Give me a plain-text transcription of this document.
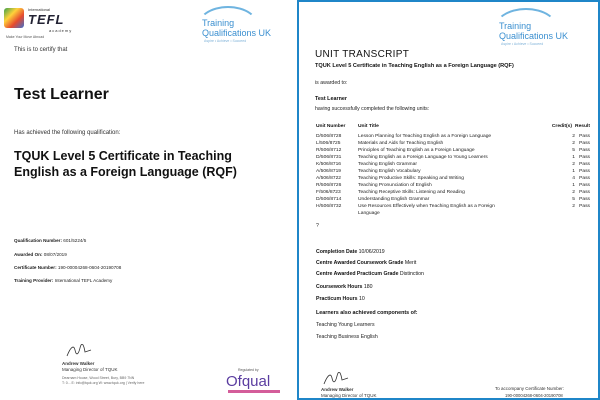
International
TEFL
academy
Make Your Move Abroad
Training
Qualifications UK
Aspire • Achieve • Succeed
This is to certify that
Test Learner
Has achieved the following qualification:
TQUK Level 5 Certificate in Teaching
English as a Foreign Language (RQF)
Qualification Number: 601/5224/5
Awarded On: 08/07/2019
Certificate Number: 190-00004268-0604-20190708
Training Provider: International TEFL Academy
Andrew Walker
Managing Director of TQUK
Dearnam House, Wood Street, Bury, BB9 7NN
T: 0... E: info@tquk.org W: www.tquk.org | Verify here
Regulated by
Ofqual
Training
Qualifications UK
Aspire • Achieve • Succeed
UNIT TRANSCRIPT
TQUK Level 5 Certificate in Teaching English as a Foreign Language (RQF)
is awarded to:
Test Learner
having successfully completed the following units:
Unit Number	Unit Title	Credit(s) Result
D/506/8728	Lesson Planning for Teaching English as a Foreign Language	2 Pass
L/506/8725	Materials and Aids for Teaching English	2 Pass
R/506/8712	Principles of Teaching English as a Foreign Language	5 Pass
D/506/8731	Teaching English as a Foreign Language to Young Learners	1 Pass
K/506/8716	Teaching English Grammar	2 Pass
A/506/8719	Teaching English Vocabulary	1 Pass
A/506/8722	Teaching Productive Skills: Speaking and Writing	4 Pass
R/506/8726	Teaching Pronunciation of English	1 Pass
F/506/8723	Teaching Receptive Skills: Listening and Reading	2 Pass
D/506/8714	Understanding English Grammar	5 Pass
H/506/8732	Use Resources Effectively when Teaching English as a Foreign	2 Pass
Language
?
Completion Date 10/06/2019
Centre Awarded Coursework Grade Merit
Centre Awarded Practicum Grade Distinction
Coursework Hours 180
Practicum Hours 10
Learners also achieved components of:
Teaching Young Learners
Teaching Business English
Andrew Walker
Managing Director of TQUK
To accompany Certificate Number:
190-00004268-0604-20190708
